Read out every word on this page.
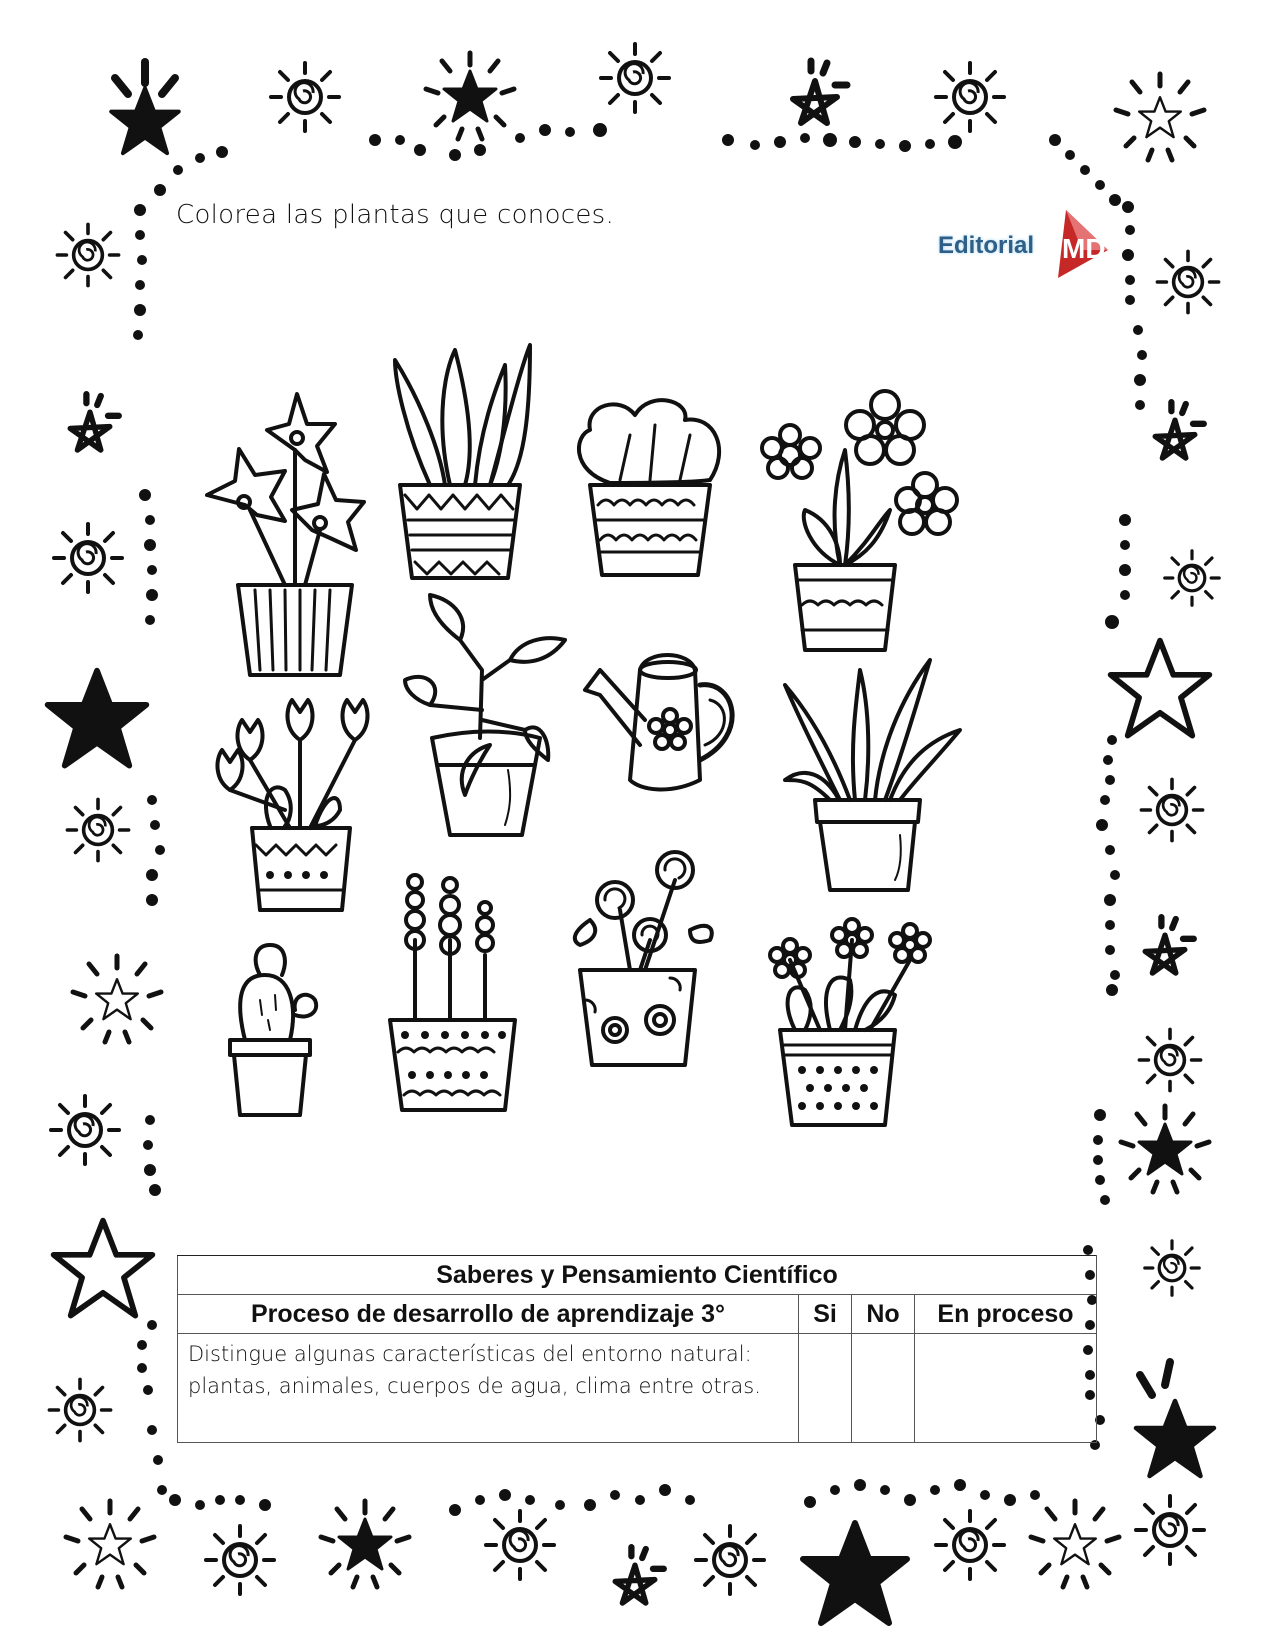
Colorea las plantas que conoces.
Editorial MD
Saberes y Pensamiento Científico			
Proceso de desarrollo de aprendizaje 3°	Si	No	En proceso
Distingue algunas características del entorno natural: plantas, animales, cuerpos de agua, clima entre otras.			
